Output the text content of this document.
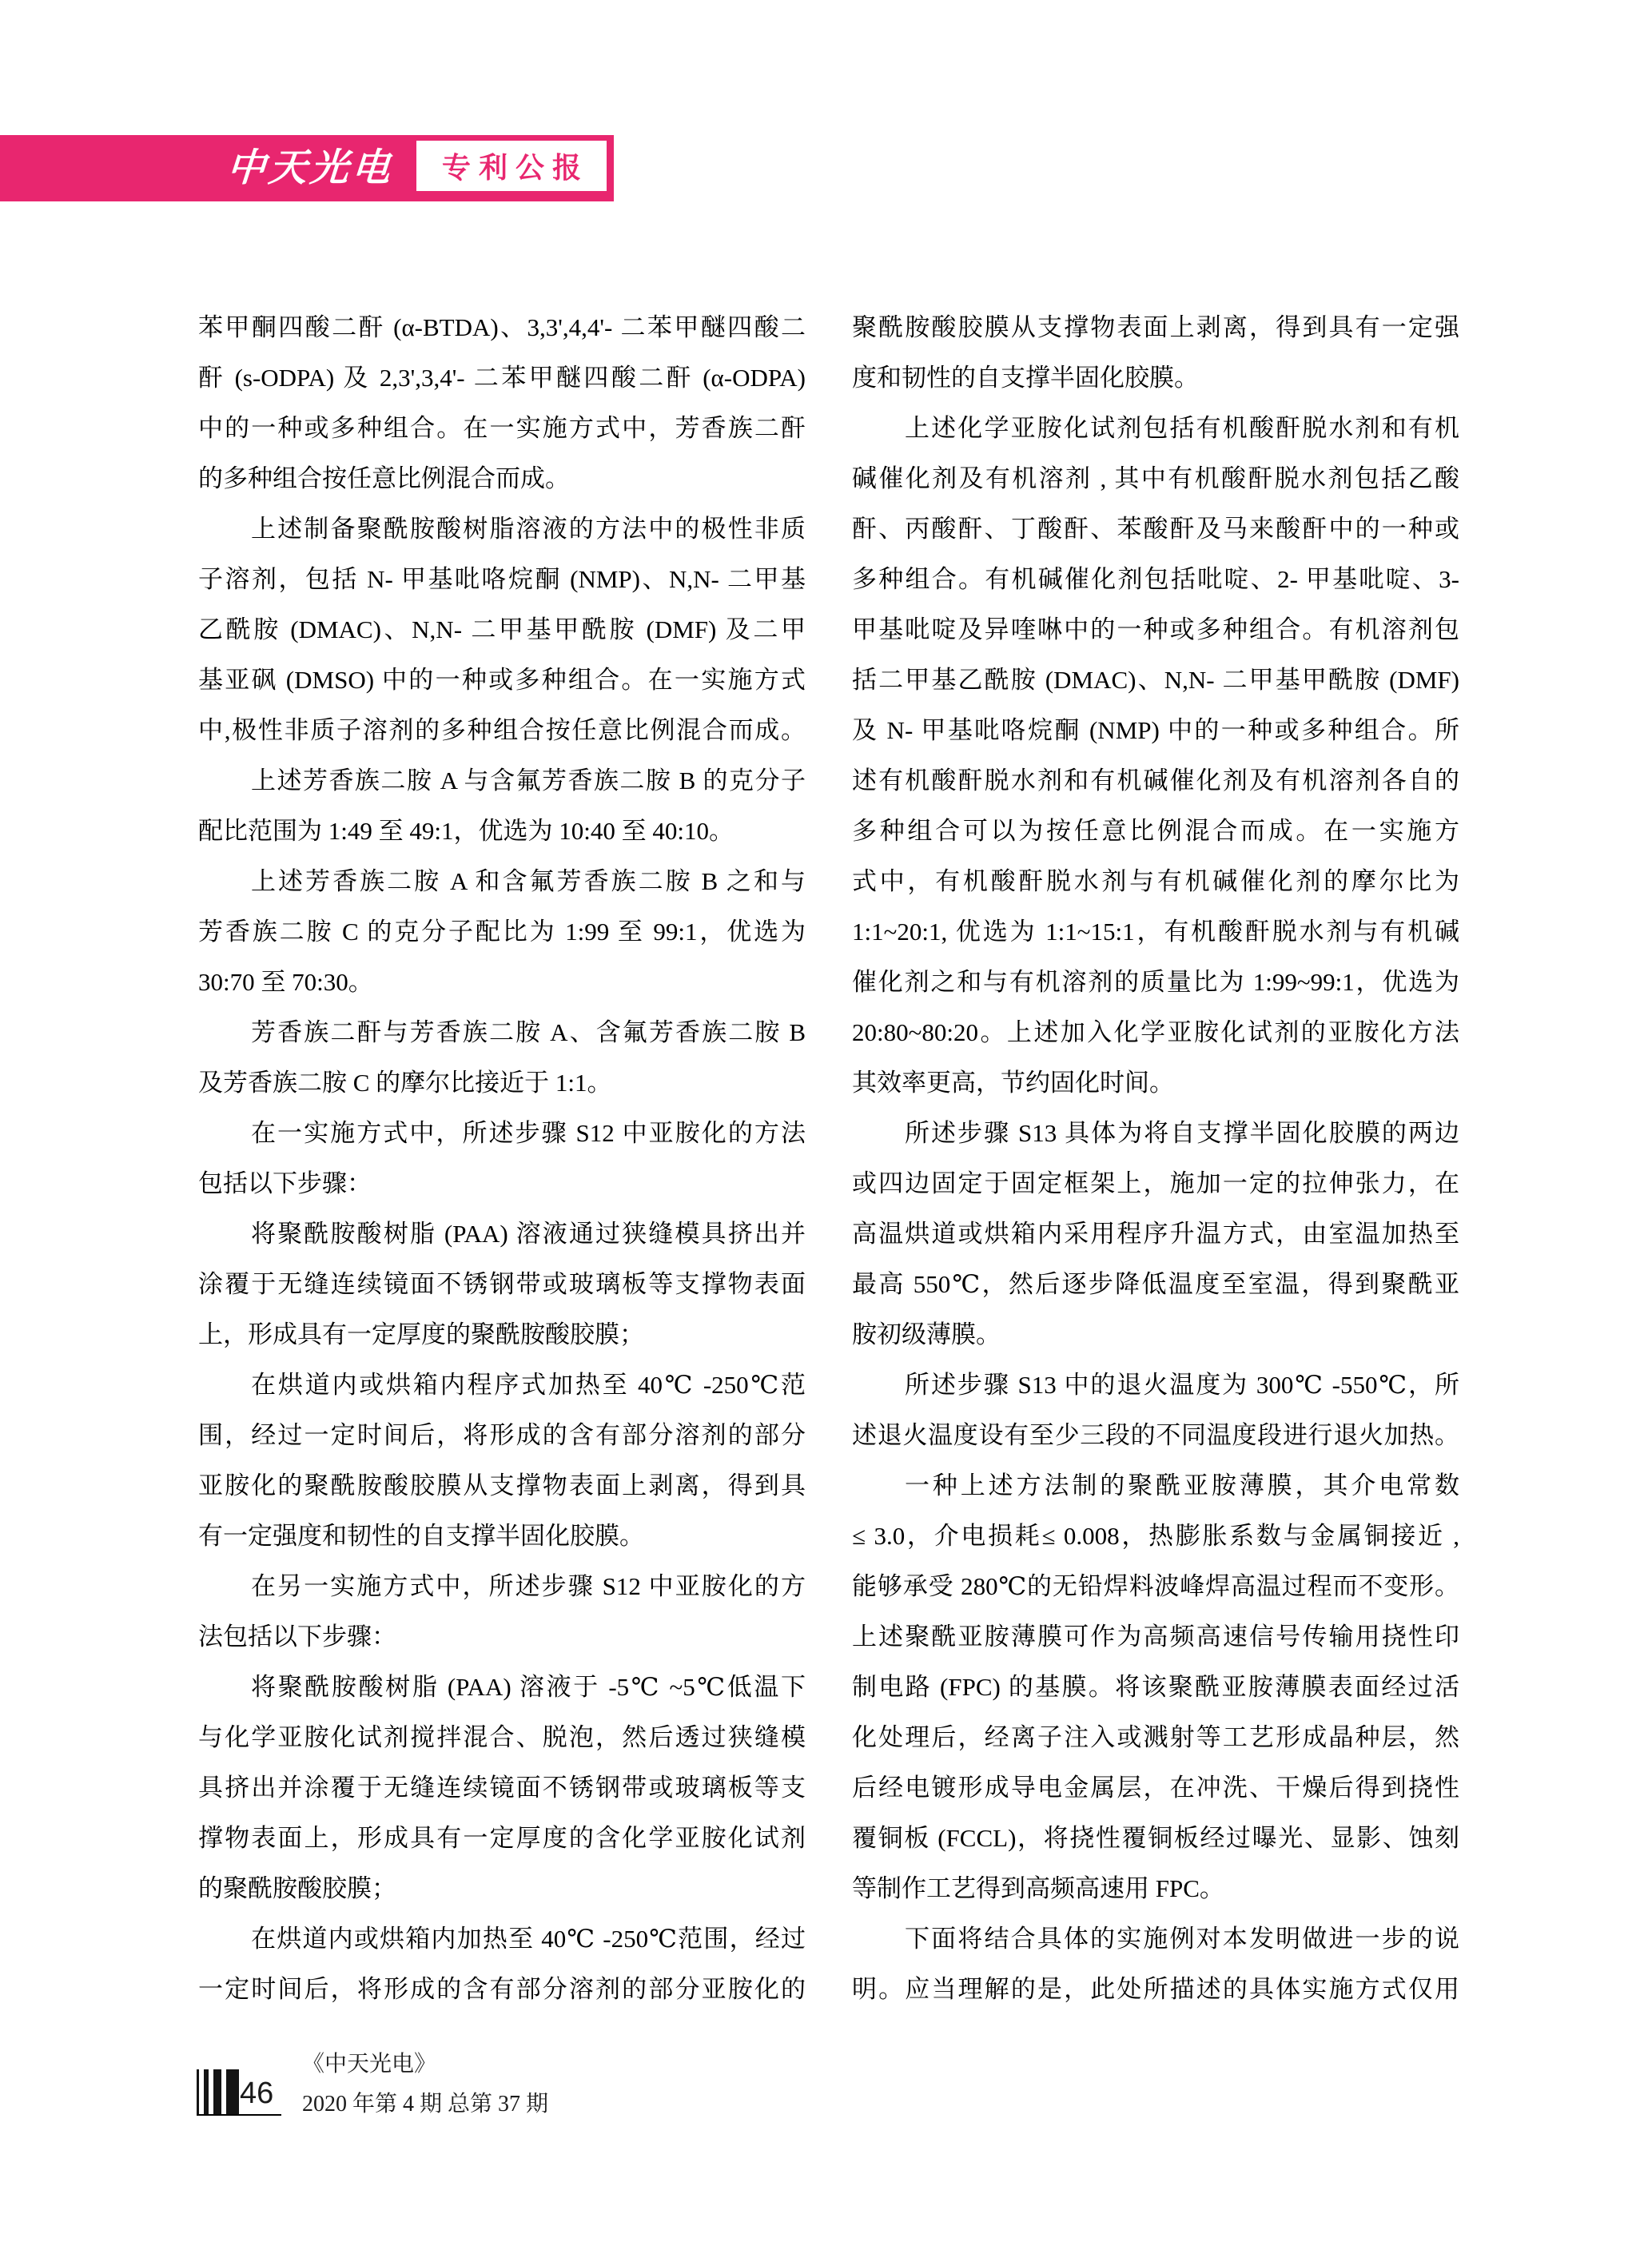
中天光电 专利公报
苯甲酮四酸二酐 (α-BTDA)、3,3',4,4'- 二苯甲醚四酸二
酐 (s-ODPA) 及 2,3',3,4'- 二苯甲醚四酸二酐 (α-ODPA)
中的一种或多种组合。在一实施方式中，芳香族二酐
的多种组合按任意比例混合而成。
上述制备聚酰胺酸树脂溶液的方法中的极性非质
子溶剂，包括 N- 甲基吡咯烷酮 (NMP)、N,N- 二甲基
乙酰胺 (DMAC)、N,N- 二甲基甲酰胺 (DMF) 及二甲
基亚砜 (DMSO) 中的一种或多种组合。在一实施方式
中,极性非质子溶剂的多种组合按任意比例混合而成。
上述芳香族二胺 A 与含氟芳香族二胺 B 的克分子
配比范围为 1:49 至 49:1，优选为 10:40 至 40:10。
上述芳香族二胺 A 和含氟芳香族二胺 B 之和与
芳香族二胺 C 的克分子配比为 1:99 至 99:1，优选为
30:70 至 70:30。
芳香族二酐与芳香族二胺 A、含氟芳香族二胺 B
及芳香族二胺 C 的摩尔比接近于 1:1。
在一实施方式中，所述步骤 S12 中亚胺化的方法
包括以下步骤：
将聚酰胺酸树脂 (PAA) 溶液通过狭缝模具挤出并
涂覆于无缝连续镜面不锈钢带或玻璃板等支撑物表面
上，形成具有一定厚度的聚酰胺酸胶膜；
在烘道内或烘箱内程序式加热至 40℃ -250℃范
围，经过一定时间后，将形成的含有部分溶剂的部分
亚胺化的聚酰胺酸胶膜从支撑物表面上剥离，得到具
有一定强度和韧性的自支撑半固化胶膜。
在另一实施方式中，所述步骤 S12 中亚胺化的方
法包括以下步骤：
将聚酰胺酸树脂 (PAA) 溶液于 -5℃ ~5℃低温下
与化学亚胺化试剂搅拌混合、脱泡，然后透过狭缝模
具挤出并涂覆于无缝连续镜面不锈钢带或玻璃板等支
撑物表面上，形成具有一定厚度的含化学亚胺化试剂
的聚酰胺酸胶膜；
在烘道内或烘箱内加热至 40℃ -250℃范围，经过
一定时间后，将形成的含有部分溶剂的部分亚胺化的
聚酰胺酸胶膜从支撑物表面上剥离，得到具有一定强
度和韧性的自支撑半固化胶膜。
上述化学亚胺化试剂包括有机酸酐脱水剂和有机
碱催化剂及有机溶剂 , 其中有机酸酐脱水剂包括乙酸
酐、丙酸酐、丁酸酐、苯酸酐及马来酸酐中的一种或
多种组合。有机碱催化剂包括吡啶、2- 甲基吡啶、3-
甲基吡啶及异喹啉中的一种或多种组合。有机溶剂包
括二甲基乙酰胺 (DMAC)、N,N- 二甲基甲酰胺 (DMF)
及 N- 甲基吡咯烷酮 (NMP) 中的一种或多种组合。所
述有机酸酐脱水剂和有机碱催化剂及有机溶剂各自的
多种组合可以为按任意比例混合而成。在一实施方
式中，有机酸酐脱水剂与有机碱催化剂的摩尔比为
1:1~20:1, 优选为 1:1~15:1，有机酸酐脱水剂与有机碱
催化剂之和与有机溶剂的质量比为 1:99~99:1，优选为
20:80~80:20。上述加入化学亚胺化试剂的亚胺化方法
其效率更高，节约固化时间。
所述步骤 S13 具体为将自支撑半固化胶膜的两边
或四边固定于固定框架上，施加一定的拉伸张力，在
高温烘道或烘箱内采用程序升温方式，由室温加热至
最高 550℃，然后逐步降低温度至室温，得到聚酰亚
胺初级薄膜。
所述步骤 S13 中的退火温度为 300℃ -550℃，所
述退火温度设有至少三段的不同温度段进行退火加热。
一种上述方法制的聚酰亚胺薄膜，其介电常数
≤ 3.0，介电损耗≤ 0.008，热膨胀系数与金属铜接近 ,
能够承受 280℃的无铅焊料波峰焊高温过程而不变形。
上述聚酰亚胺薄膜可作为高频高速信号传输用挠性印
制电路 (FPC) 的基膜。将该聚酰亚胺薄膜表面经过活
化处理后，经离子注入或溅射等工艺形成晶种层，然
后经电镀形成导电金属层，在冲洗、干燥后得到挠性
覆铜板 (FCCL)，将挠性覆铜板经过曝光、显影、蚀刻
等制作工艺得到高频高速用 FPC。
下面将结合具体的实施例对本发明做进一步的说
明。应当理解的是，此处所描述的具体实施方式仅用
46
《中天光电》
2020 年第 4 期 总第 37 期
